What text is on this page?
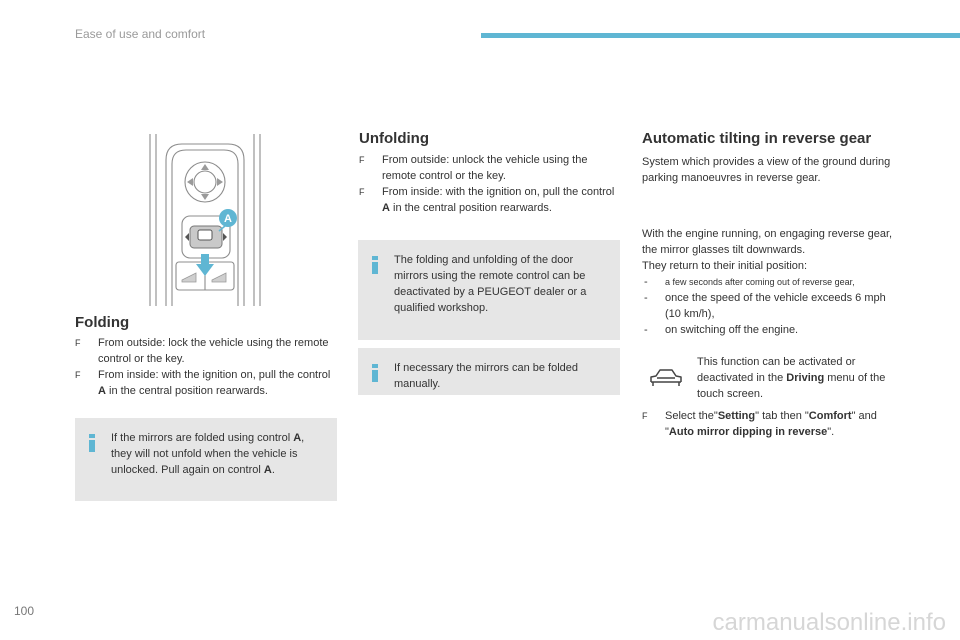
Ease of use and comfort
A
Folding
F From outside: lock the vehicle using the remote control or the key.
F From inside: with the ignition on, pull the control A in the central position rearwards.
If the mirrors are folded using control A, they will not unfold when the vehicle is unlocked. Pull again on control A.
Unfolding
F From outside: unlock the vehicle using the remote control or the key.
F From inside: with the ignition on, pull the control A in the central position rearwards.
The folding and unfolding of the door mirrors using the remote control can be deactivated by a PEUGEOT dealer or a qualified workshop.
If necessary the mirrors can be folded manually.
Automatic tilting in reverse gear
System which provides a view of the ground during parking manoeuvres in reverse gear.
With the engine running, on engaging reverse gear, the mirror glasses tilt downwards.
They return to their initial position:
- a few seconds after coming out of reverse gear,
- once the speed of the vehicle exceeds 6 mph (10 km/h),
- on switching off the engine.
This function can be activated or deactivated in the Driving menu of the touch screen.
F Select the"Setting" tab then "Comfort" and "Auto mirror dipping in reverse".
100	carmanualsonline.info
